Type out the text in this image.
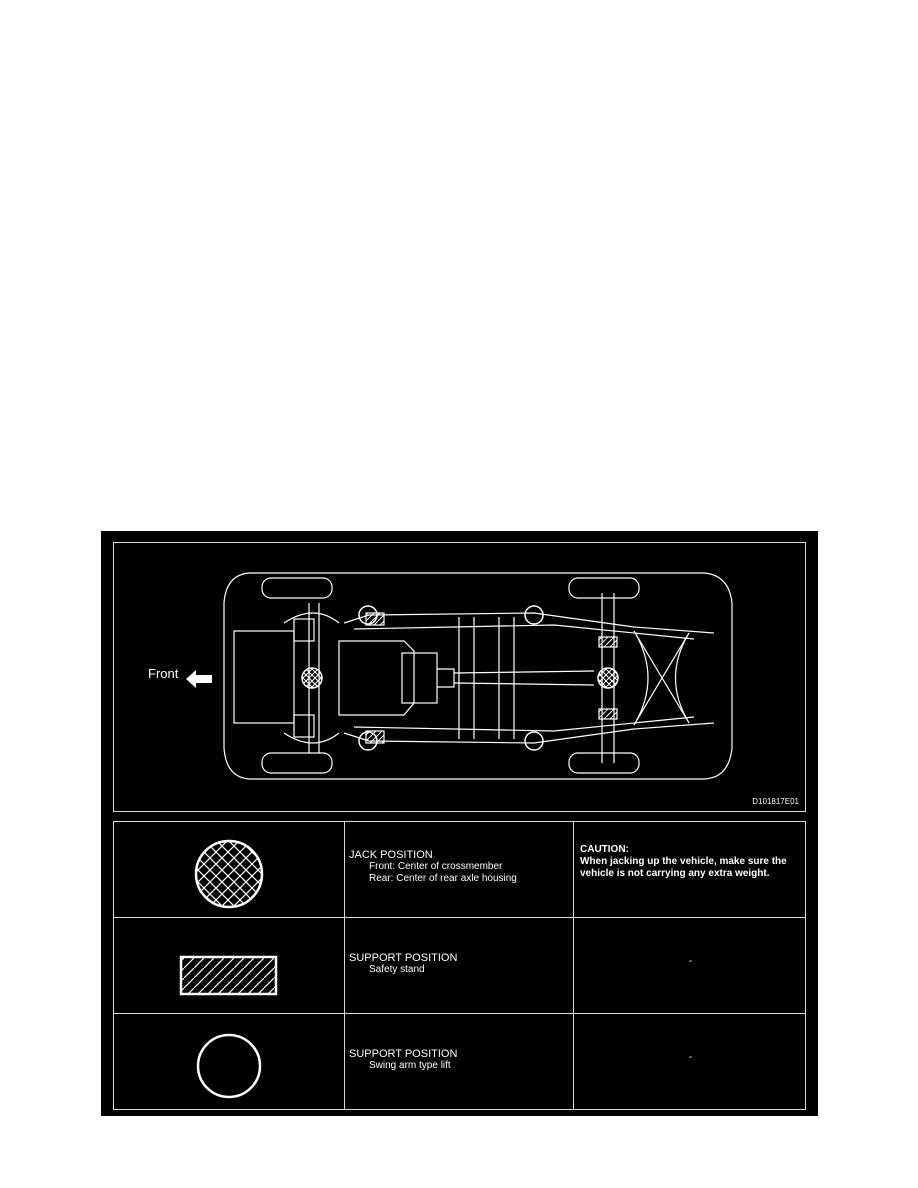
Front
D101817E01
JACK POSITION
Front: Center of crossmember
Rear: Center of rear axle housing
CAUTION:
When jacking up the vehicle, make sure the vehicle is not carrying any extra weight.
SUPPORT POSITION
Safety stand
-
SUPPORT POSITION
Swing arm type lift
-
